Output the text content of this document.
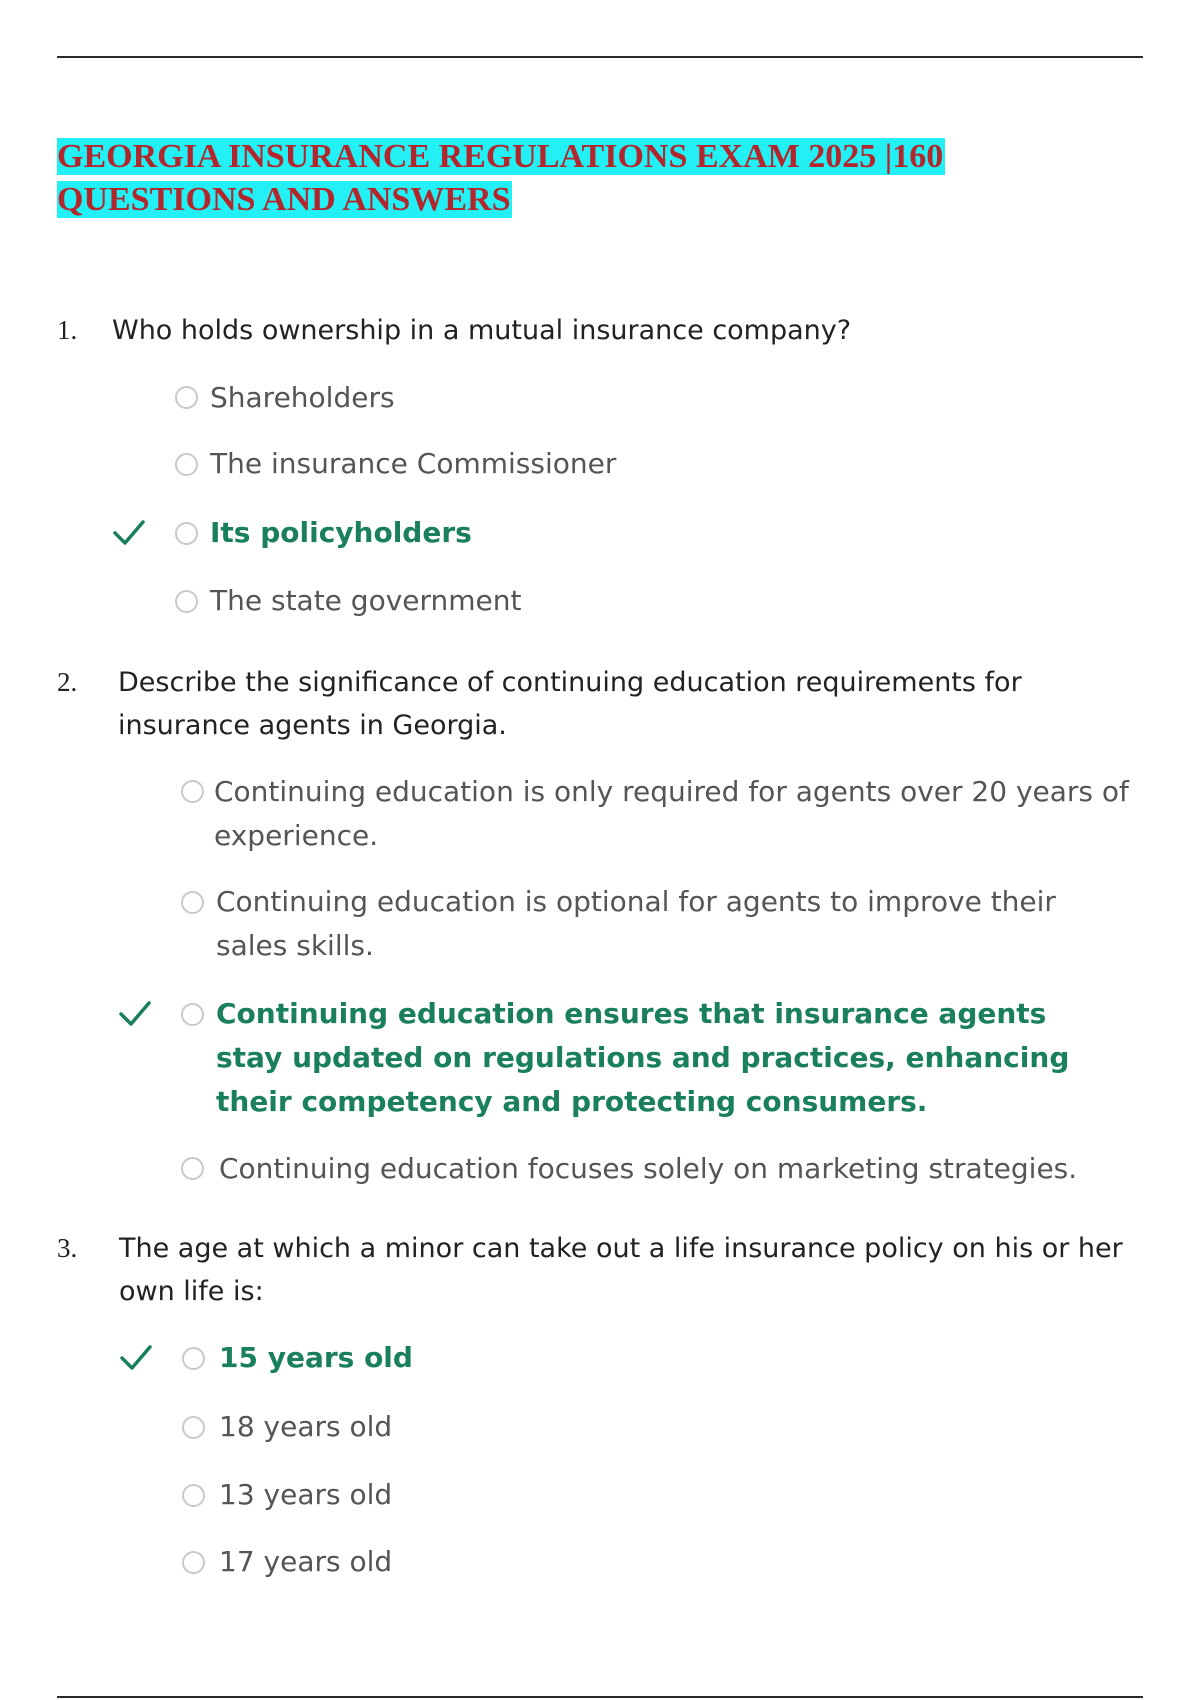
GEORGIA INSURANCE REGULATIONS EXAM 2025 |160 QUESTIONS AND ANSWERS
1. Who holds ownership in a mutual insurance company?
Shareholders
The insurance Commissioner
Its policyholders
The state government
2. Describe the significance of continuing education requirements for insurance agents in Georgia.
Continuing education is only required for agents over 20 years of experience.
Continuing education is optional for agents to improve their sales skills.
Continuing education ensures that insurance agents stay updated on regulations and practices, enhancing their competency and protecting consumers.
Continuing education focuses solely on marketing strategies.
3. The age at which a minor can take out a life insurance policy on his or her own life is:
15 years old
18 years old
13 years old
17 years old
